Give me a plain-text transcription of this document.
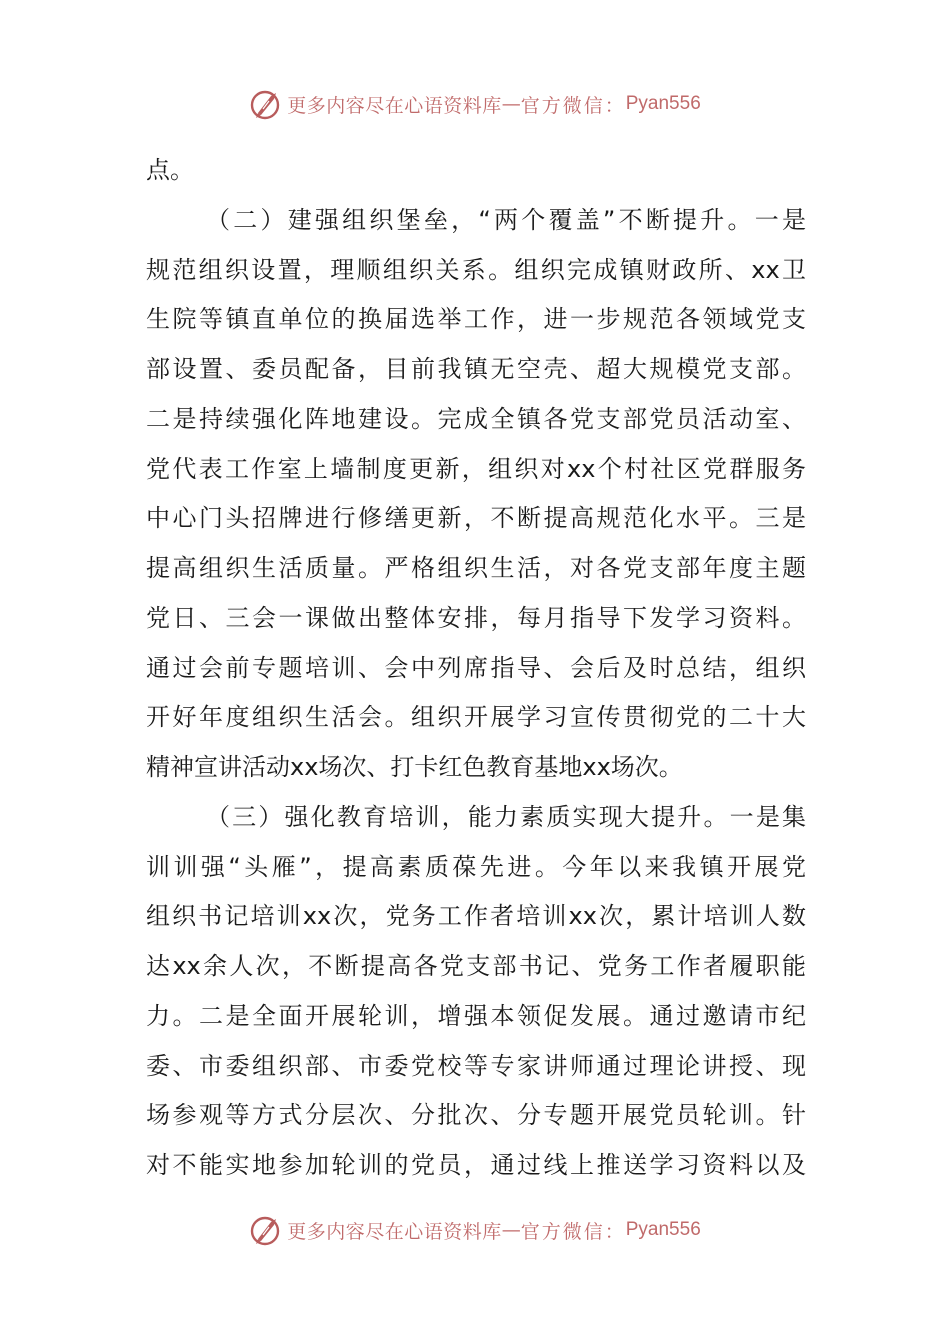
更多内容尽在心语资料库 — 官方微信： Pyan556
点。
（二）建强组织堡垒，“两个覆盖”不断提升。一是
规范组织设置，理顺组织关系。组织完成镇财政所、xx卫
生院等镇直单位的换届选举工作，进一步规范各领域党支
部设置、委员配备，目前我镇无空壳、超大规模党支部。
二是持续强化阵地建设。完成全镇各党支部党员活动室、
党代表工作室上墙制度更新，组织对xx个村社区党群服务
中心门头招牌进行修缮更新，不断提高规范化水平。三是
提高组织生活质量。严格组织生活，对各党支部年度主题
党日、三会一课做出整体安排，每月指导下发学习资料。
通过会前专题培训、会中列席指导、会后及时总结，组织
开好年度组织生活会。组织开展学习宣传贯彻党的二十大
精神宣讲活动xx场次、打卡红色教育基地xx场次。
（三）强化教育培训，能力素质实现大提升。一是集
训训强“头雁”，提高素质葆先进。今年以来我镇开展党
组织书记培训xx次，党务工作者培训xx次，累计培训人数
达xx余人次，不断提高各党支部书记、党务工作者履职能
力。二是全面开展轮训，增强本领促发展。通过邀请市纪
委、市委组织部、市委党校等专家讲师通过理论讲授、现
场参观等方式分层次、分批次、分专题开展党员轮训。针
对不能实地参加轮训的党员，通过线上推送学习资料以及
更多内容尽在心语资料库 — 官方微信： Pyan556
